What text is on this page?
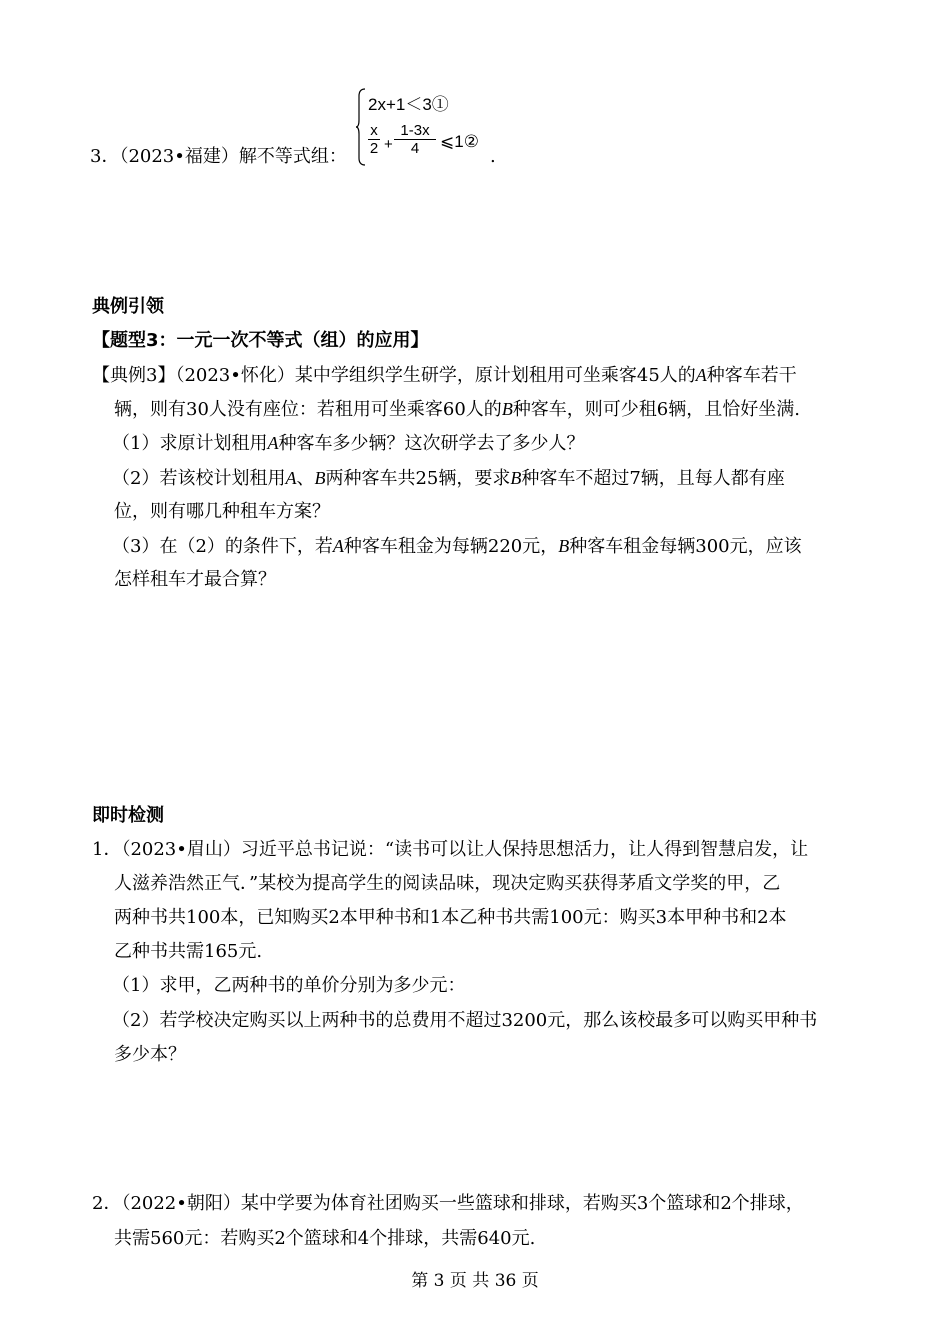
3．（2023•福建）解不等式组：
2x+1＜3①
x
2 +
1-3x
4 ⩽1②
.
典例引领
【题型3：一元一次不等式（组）的应用】
【典例3】（2023•怀化）某中学组织学生研学，原计划租用可坐乘客45人的A种客车若干
辆，则有30人没有座位：若租用可坐乘客60人的B种客车，则可少租6辆，且恰好坐满.
（1）求原计划租用A种客车多少辆？这次研学去了多少人？
（2）若该校计划租用A、B两种客车共25辆，要求B种客车不超过7辆，且每人都有座
位，则有哪几种租车方案？
（3）在（2）的条件下，若A种客车租金为每辆220元，B种客车租金每辆300元，应该
怎样租车才最合算？
即时检测
1．（2023•眉山）习近平总书记说：“读书可以让人保持思想活力，让人得到智慧启发，让
人滋养浩然正气．”某校为提高学生的阅读品味，现决定购买获得茅盾文学奖的甲，乙
两种书共100本，已知购买2本甲种书和1本乙种书共需100元：购买3本甲种书和2本
乙种书共需165元.
（1）求甲，乙两种书的单价分别为多少元：
（2）若学校决定购买以上两种书的总费用不超过3200元，那么该校最多可以购买甲种书
多少本？
2．（2022•朝阳）某中学要为体育社团购买一些篮球和排球，若购买3个篮球和2个排球，
共需560元：若购买2个篮球和4个排球，共需640元.
第 3 页 共 36 页
